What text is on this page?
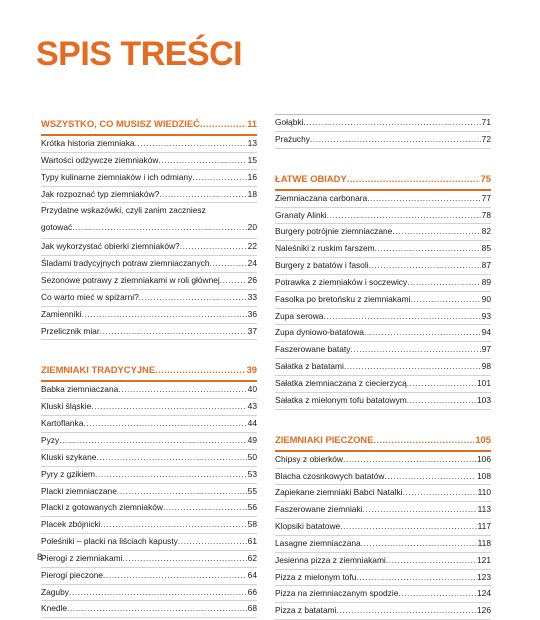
SPIS TREŚCI
WSZYSTKO, CO MUSISZ WIEDZIEĆ .....	11
Krótka historia ziemniaka .....	13
Wartości odżywcze ziemniaków .....	15
Typy kulinarne ziemniaków i ich odmiany .....	16
Jak rozpoznać typ ziemniaków? .....	18
Przydatne wskazówki, czyli zanim zaczniesz
gotować .....	20
Jak wykorzystać obierki ziemniaków? .....	22
Śladami tradycyjnych potraw ziemniaczanych .....	24
Sezonowe potrawy z ziemniakami w roli głównej .....	26
Co warto mieć w spiżarni? .....	33
Zamienniki .....	36
Przelicznik miar .....	37
ZIEMNIAKI TRADYCYJNE .....	39
Babka ziemniaczana .....	40
Kluski śląskie .....	43
Kartoflanka .....	44
Pyzy .....	49
Kluski szykane .....	50
Pyry z gzikiem .....	53
Placki ziemniaczane .....	55
Placki z gotowanych ziemniaków .....	56
Placek zbójnicki .....	58
Poleśniki – placki na liściach kapusty .....	61
Pierogi z ziemniakami .....	62
Pierogi pieczone .....	64
Zaguby .....	66
Knedle .....	68
Gołąbki .....	71
Prażuchy .....	72
ŁATWE OBIADY .....	75
Ziemniaczana carbonara .....	77
Granaty Alinki .....	78
Burgery potrójnie ziemniaczane .....	82
Naleśniki z ruskim farszem .....	85
Burgery z batatów i fasoli .....	87
Potrawka z ziemniaków i soczewicy .....	89
Fasolka po bretońsku z ziemniakami .....	90
Zupa serowa .....	93
Zupa dyniowo-batatowa .....	94
Faszerowane bataty .....	97
Sałatka z batatami .....	98
Sałatka ziemniaczana z ciecierzycą .....	101
Sałatka z mielonym tofu batatowym .....	103
ZIEMNIAKI PIECZONE .....	105
Chipsy z obierków .....	106
Blacha czosnkowych batatów .....	108
Zapiekane ziemniaki Babci Natalki .....	110
Faszerowane ziemniaki .....	113
Klopsiki batatowe .....	117
Lasagne ziemniaczana .....	118
Jesienna pizza z ziemniakami .....	121
Pizza z mielonym tofu .....	123
Pizza na ziemniaczanym spodzie .....	124
Pizza z batatami .....	126
8
